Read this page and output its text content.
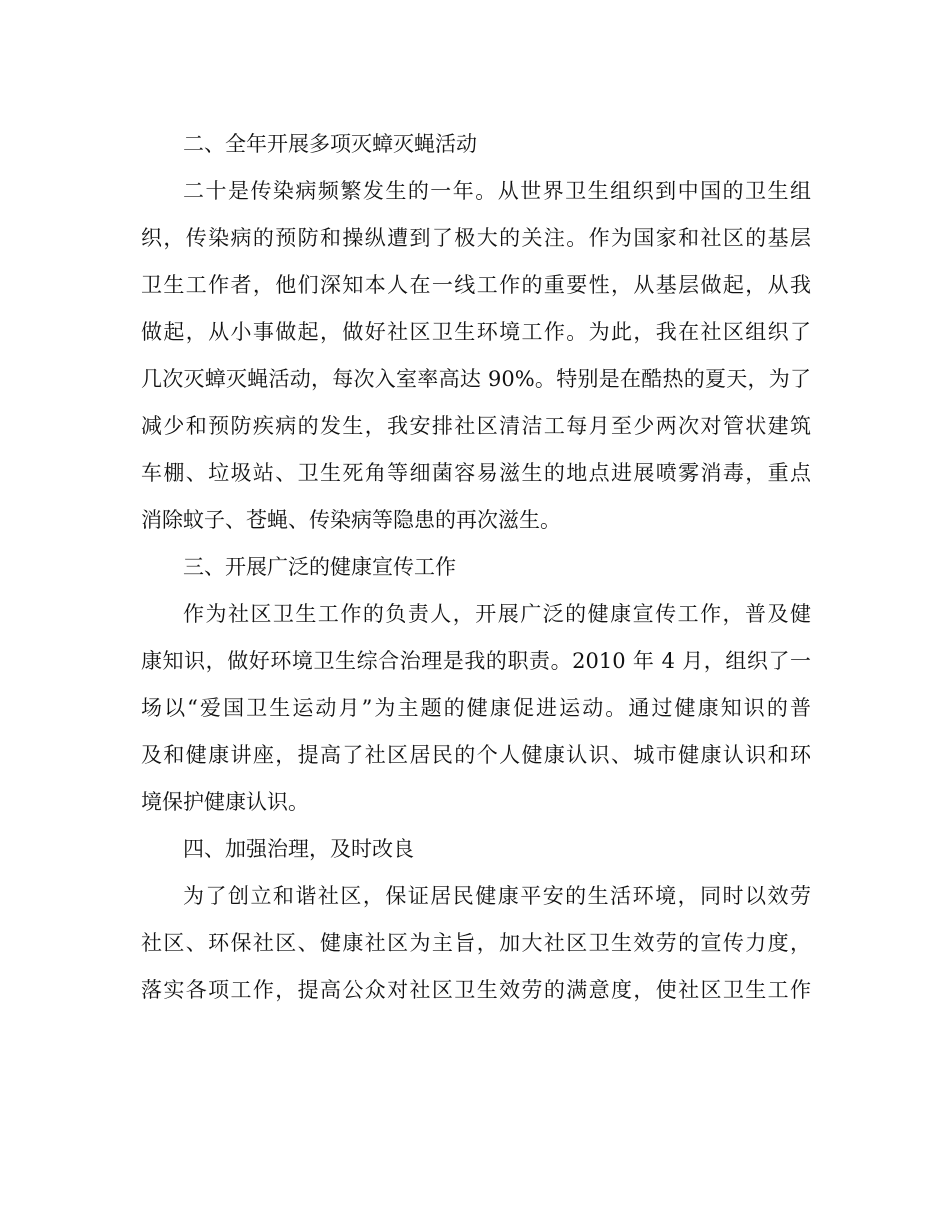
二、全年开展多项灭蟑灭蝇活动
二十是传染病频繁发生的一年。从世界卫生组织到中国的卫生组
织，传染病的预防和操纵遭到了极大的关注。作为国家和社区的基层
卫生工作者，他们深知本人在一线工作的重要性，从基层做起，从我
做起，从小事做起，做好社区卫生环境工作。为此，我在社区组织了
几次灭蟑灭蝇活动，每次入室率高达 90%。特别是在酷热的夏天，为了
减少和预防疾病的发生，我安排社区清洁工每月至少两次对管状建筑
车棚、垃圾站、卫生死角等细菌容易滋生的地点进展喷雾消毒，重点
消除蚊子、苍蝇、传染病等隐患的再次滋生。
三、开展广泛的健康宣传工作
作为社区卫生工作的负责人，开展广泛的健康宣传工作，普及健
康知识，做好环境卫生综合治理是我的职责。2010 年 4 月，组织了一
场以“爱国卫生运动月”为主题的健康促进运动。通过健康知识的普
及和健康讲座，提高了社区居民的个人健康认识、城市健康认识和环
境保护健康认识。
四、加强治理，及时改良
为了创立和谐社区，保证居民健康平安的生活环境，同时以效劳
社区、环保社区、健康社区为主旨，加大社区卫生效劳的宣传力度，
落实各项工作，提高公众对社区卫生效劳的满意度，使社区卫生工作
